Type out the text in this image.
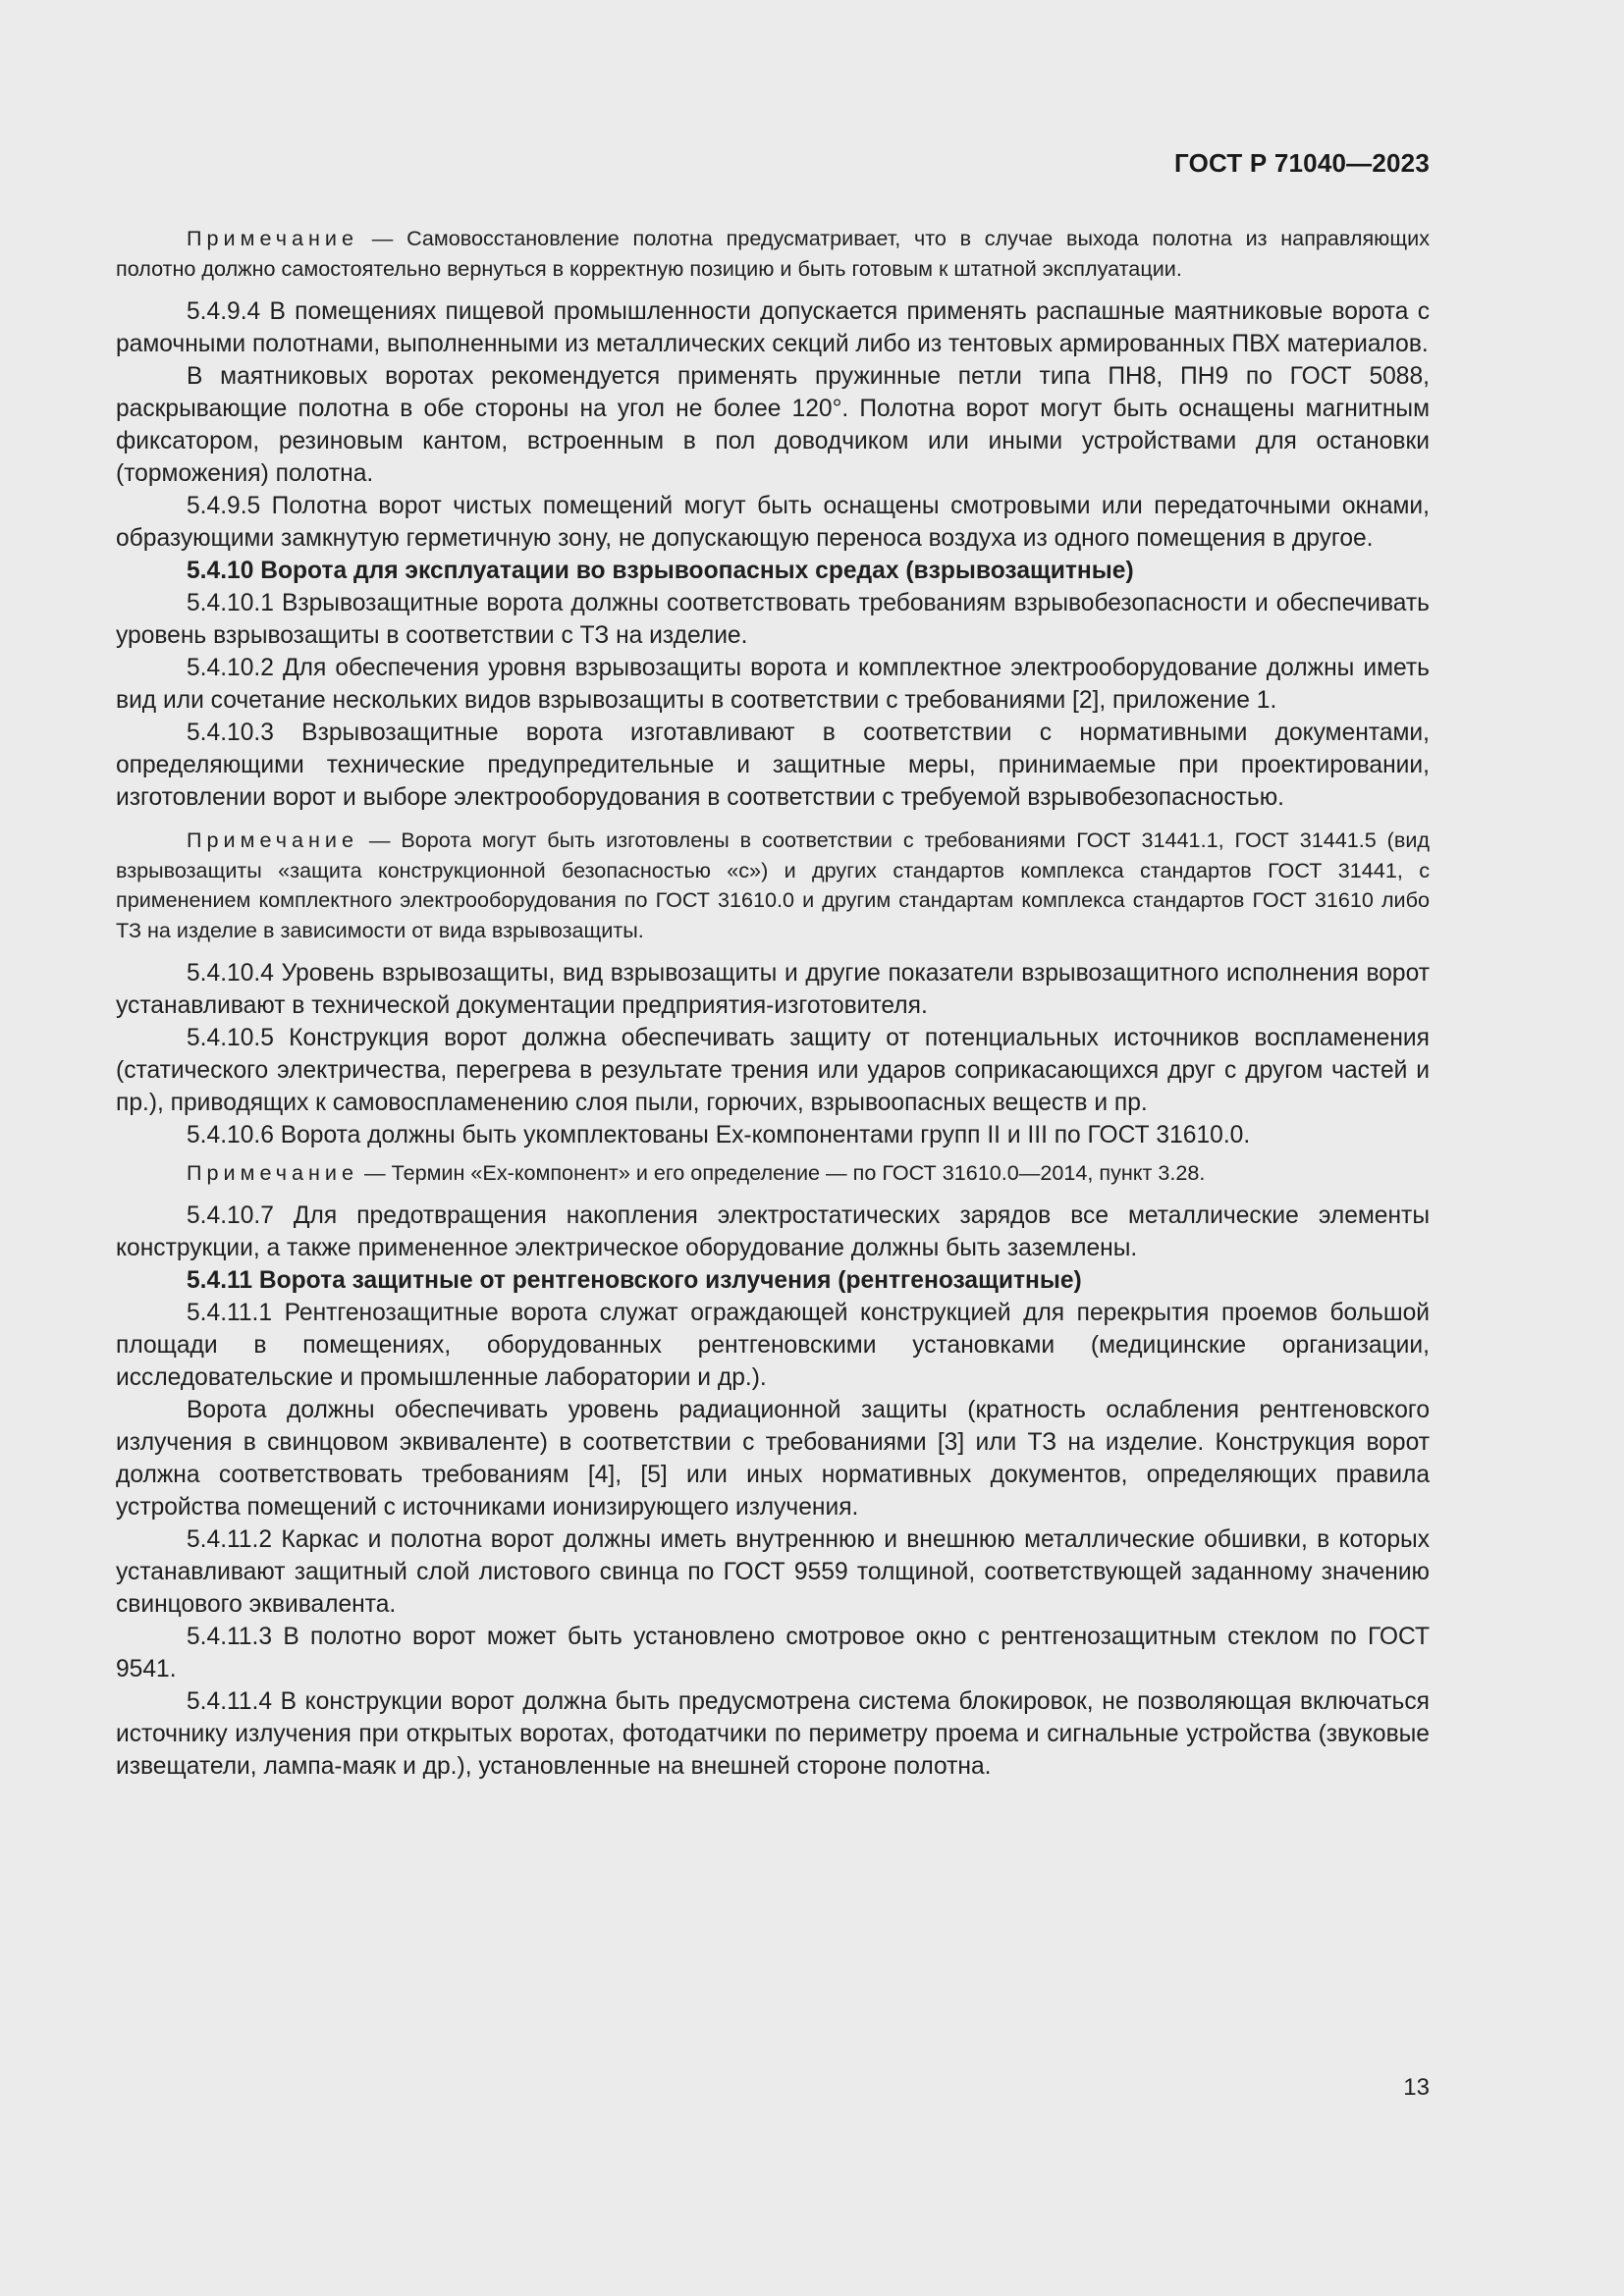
ГОСТ Р 71040—2023

Примечание — Самовосстановление полотна предусматривает, что в случае выхода полотна из направляющих полотно должно самостоятельно вернуться в корректную позицию и быть готовым к штатной эксплуатации.

5.4.9.4 В помещениях пищевой промышленности допускается применять распашные маятниковые ворота с рамочными полотнами, выполненными из металлических секций либо из тентовых армированных ПВХ материалов.

В маятниковых воротах рекомендуется применять пружинные петли типа ПН8, ПН9 по ГОСТ 5088, раскрывающие полотна в обе стороны на угол не более 120°. Полотна ворот могут быть оснащены магнитным фиксатором, резиновым кантом, встроенным в пол доводчиком или иными устройствами для остановки (торможения) полотна.

5.4.9.5 Полотна ворот чистых помещений могут быть оснащены смотровыми или передаточными окнами, образующими замкнутую герметичную зону, не допускающую переноса воздуха из одного помещения в другое.

5.4.10 Ворота для эксплуатации во взрывоопасных средах (взрывозащитные)

5.4.10.1 Взрывозащитные ворота должны соответствовать требованиям взрывобезопасности и обеспечивать уровень взрывозащиты в соответствии с ТЗ на изделие.

5.4.10.2 Для обеспечения уровня взрывозащиты ворота и комплектное электрооборудование должны иметь вид или сочетание нескольких видов взрывозащиты в соответствии с требованиями [2], приложение 1.

5.4.10.3 Взрывозащитные ворота изготавливают в соответствии с нормативными документами, определяющими технические предупредительные и защитные меры, принимаемые при проектировании, изготовлении ворот и выборе электрооборудования в соответствии с требуемой взрывобезопасностью.

Примечание — Ворота могут быть изготовлены в соответствии с требованиями ГОСТ 31441.1, ГОСТ 31441.5 (вид взрывозащиты «защита конструкционной безопасностью «с») и других стандартов комплекса стандартов ГОСТ 31441, с применением комплектного электрооборудования по ГОСТ 31610.0 и другим стандартам комплекса стандартов ГОСТ 31610 либо ТЗ на изделие в зависимости от вида взрывозащиты.

5.4.10.4 Уровень взрывозащиты, вид взрывозащиты и другие показатели взрывозащитного исполнения ворот устанавливают в технической документации предприятия-изготовителя.

5.4.10.5 Конструкция ворот должна обеспечивать защиту от потенциальных источников воспламенения (статического электричества, перегрева в результате трения или ударов соприкасающихся друг с другом частей и пр.), приводящих к самовоспламенению слоя пыли, горючих, взрывоопасных веществ и пр.

5.4.10.6 Ворота должны быть укомплектованы Ех-компонентами групп II и III по ГОСТ 31610.0.

Примечание — Термин «Ех-компонент» и его определение — по ГОСТ 31610.0—2014, пункт 3.28.

5.4.10.7 Для предотвращения накопления электростатических зарядов все металлические элементы конструкции, а также примененное электрическое оборудование должны быть заземлены.

5.4.11 Ворота защитные от рентгеновского излучения (рентгенозащитные)

5.4.11.1 Рентгенозащитные ворота служат ограждающей конструкцией для перекрытия проемов большой площади в помещениях, оборудованных рентгеновскими установками (медицинские организации, исследовательские и промышленные лаборатории и др.).

Ворота должны обеспечивать уровень радиационной защиты (кратность ослабления рентгеновского излучения в свинцовом эквиваленте) в соответствии с требованиями [3] или ТЗ на изделие. Конструкция ворот должна соответствовать требованиям [4], [5] или иных нормативных документов, определяющих правила устройства помещений с источниками ионизирующего излучения.

5.4.11.2 Каркас и полотна ворот должны иметь внутреннюю и внешнюю металлические обшивки, в которых устанавливают защитный слой листового свинца по ГОСТ 9559 толщиной, соответствующей заданному значению свинцового эквивалента.

5.4.11.3 В полотно ворот может быть установлено смотровое окно с рентгенозащитным стеклом по ГОСТ 9541.

5.4.11.4 В конструкции ворот должна быть предусмотрена система блокировок, не позволяющая включаться источнику излучения при открытых воротах, фотодатчики по периметру проема и сигнальные устройства (звуковые извещатели, лампа-маяк и др.), установленные на внешней стороне полотна.

13
